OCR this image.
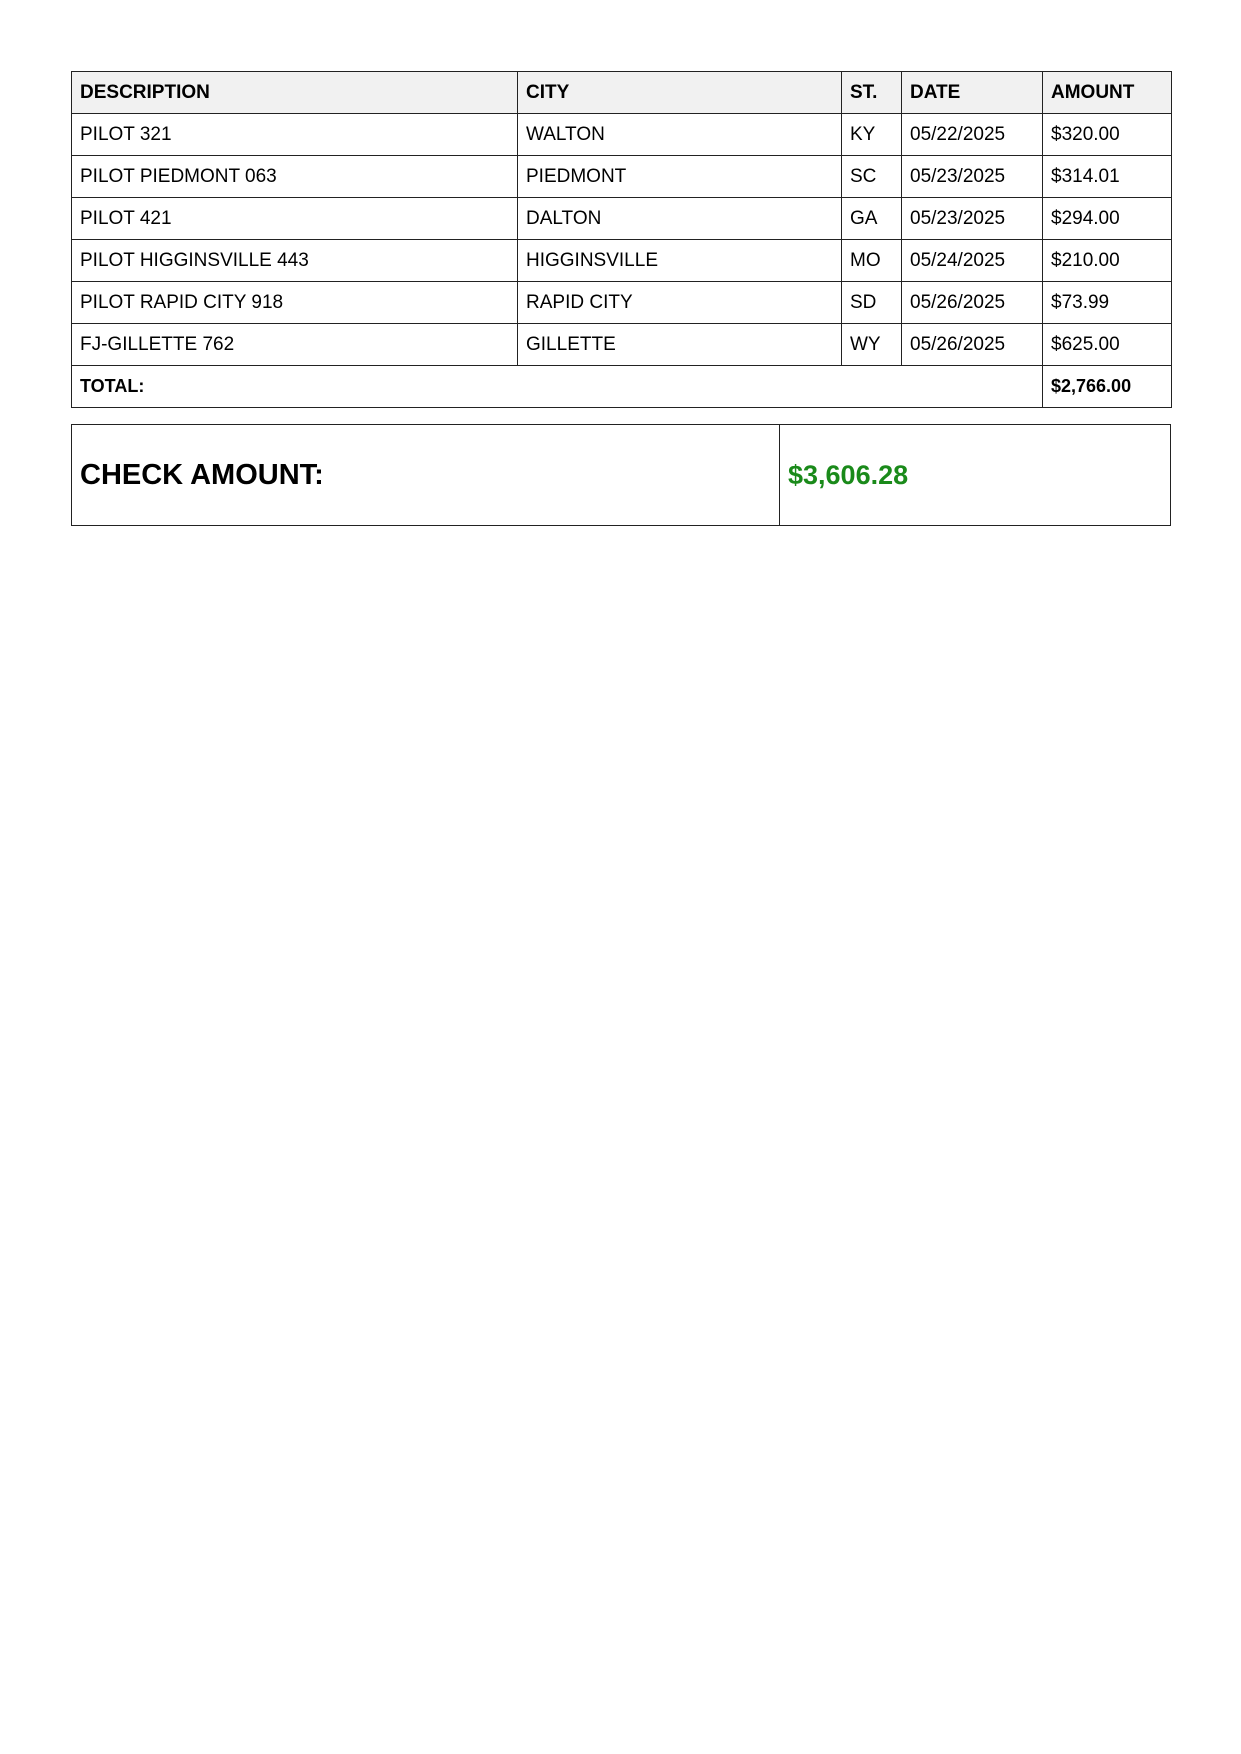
DESCRIPTION	CITY	ST.	DATE	AMOUNT
PILOT 321	WALTON	KY	05/22/2025	$320.00
PILOT PIEDMONT 063	PIEDMONT	SC	05/23/2025	$314.01
PILOT 421	DALTON	GA	05/23/2025	$294.00
PILOT HIGGINSVILLE 443	HIGGINSVILLE	MO	05/24/2025	$210.00
PILOT RAPID CITY 918	RAPID CITY	SD	05/26/2025	$73.99
FJ-GILLETTE 762	GILLETTE	WY	05/26/2025	$625.00
TOTAL:				$2,766.00
CHECK AMOUNT:	$3,606.28
